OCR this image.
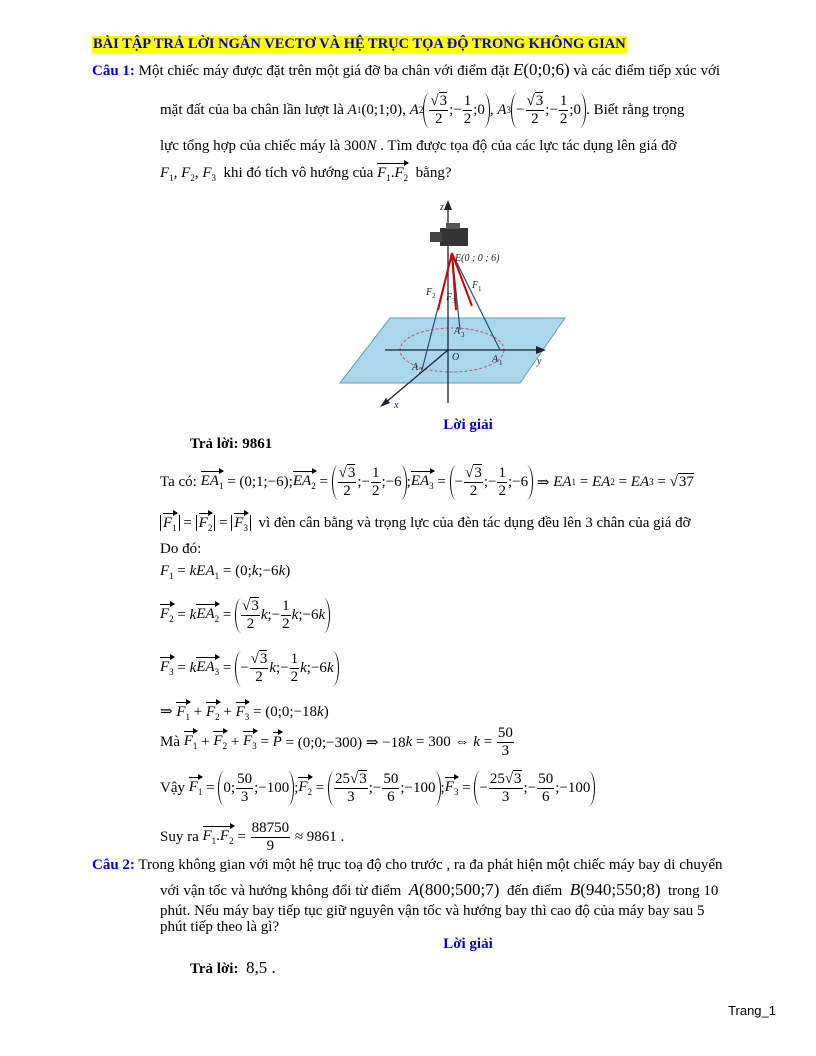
BÀI TẬP TRẢ LỜI NGẮN VECTƠ VÀ HỆ TRỤC TỌA ĐỘ TRONG KHÔNG GIAN
Câu 1: Một chiếc máy được đặt trên một giá đỡ ba chân với điểm đặt E(0;0;6) và các điểm tiếp xúc với
mặt đất của ba chân lần lượt là
A 1 (0;1;0),
A $2 \frac{√3}{2}$ ;− $\frac{1}{2}$ ;0 , A $3 - \frac{√3}{2}$ ;− $\frac{1}{2}$ ;0 . Biết rằng trọng
lực tổng hợp của chiếc máy là 300N . Tìm được tọa độ của các lực tác dụng lên giá đỡ
$F_1$, $F_2$, $F_3$ khi đó tích vô hướng của $F_1.F_2$ bằng?
z
E(0 ; 0 ; 6)
F 2 F 3
F 1
A 3
O	A 1
A 2
y
x
Lời giải
Trả lời: 9861
Ta có:
$EA_1$ = (0;1;−6); $EA_2 = \frac{√3}{2}$ ;− $\frac{1}{2}$ ;−6 ; $EA_3$ = − $\frac{√3}{2}$ ;− $\frac{1}{2}$ ;−6 ⇒ EA 1 = EA 2 = EA 3 = √ 37
$F_1 = F_2 = F_3$ vì đèn cân bằng và trọng lực của đèn tác dụng đều lên 3 chân của giá đỡ
Do đó:
$F_1 = kEA_1$ = (0;k;−6k)
$F_2 = k$ $EA_2 = \frac{√3}{2}$ k;− $\frac{1}{2}$ k;−6k
$F_3 = k$ $EA_3$ = − $\frac{√3}{2}$ k;− $\frac{1}{2}$ k;−6k
⇒ $F_1 + F_2 + F_3$ = (0;0;−18k)
Mà
$F_1 + F_2 + F_3 = P$ = (0;0;−300) ⇒ −18 k = 300 ⇔ $k = \frac{50}{3}$
Vậy
$F_1 = 0$; $\frac{50}{3}$ ;−100 ; $F_2 = \frac{25√3}{3}$ ;− $\frac{50}{6}$ ;−100 ; $F_3$ = − $\frac{25√3}{3}$ ;− $\frac{50}{6}$ ;−100
Suy ra
$F_1.F_2 = \frac{88750}{9}$
≈ 9861 .
Câu 2: Trong không gian với một hệ trục toạ độ cho trước , ra đa phát hiện một chiếc máy bay di chuyển
với vận tốc và hướng không đổi từ điểm A(800;500;7) đến điểm B(940;550;8) trong 10
phút. Nếu máy bay tiếp tục giữ nguyên vận tốc và hướng bay thì cao độ của máy bay sau 5
phút tiếp theo là gì?
Lời giải
Trả lời: 8,5 .
Trang_1
